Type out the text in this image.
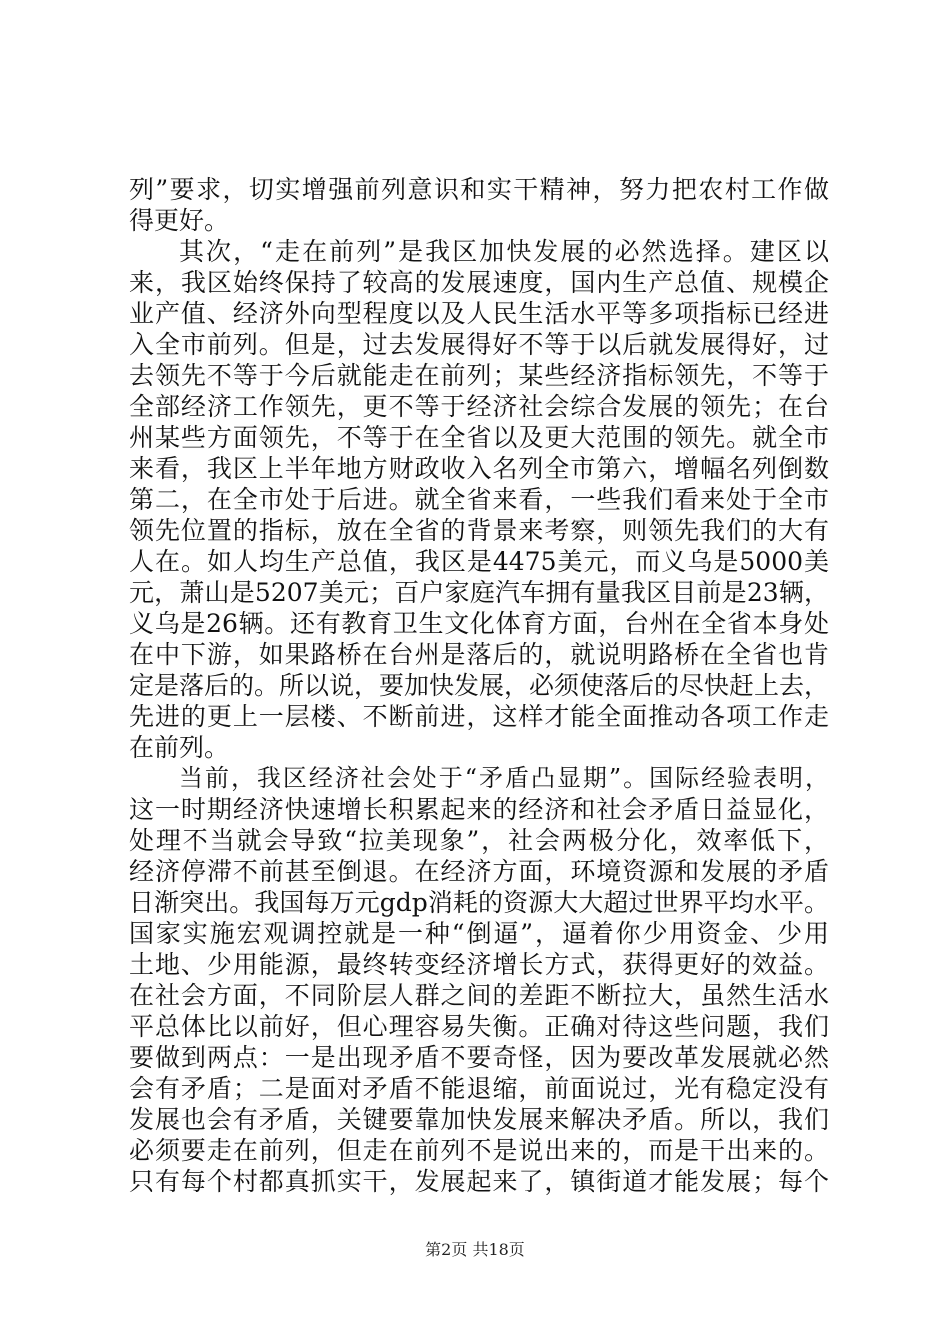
列”要求，切实增强前列意识和实干精神，努力把农村工作做
得更好。
其次，“走在前列”是我区加快发展的必然选择。建区以
来，我区始终保持了较高的发展速度，国内生产总值、规模企
业产值、经济外向型程度以及人民生活水平等多项指标已经进
入全市前列。但是，过去发展得好不等于以后就发展得好，过
去领先不等于今后就能走在前列；某些经济指标领先，不等于
全部经济工作领先，更不等于经济社会综合发展的领先；在台
州某些方面领先，不等于在全省以及更大范围的领先。就全市
来看，我区上半年地方财政收入名列全市第六，增幅名列倒数
第二，在全市处于后进。就全省来看，一些我们看来处于全市
领先位置的指标，放在全省的背景来考察，则领先我们的大有
人在。如人均生产总值，我区是4475美元，而义乌是5000美
元，萧山是5207美元；百户家庭汽车拥有量我区目前是23辆，
义乌是26辆。还有教育卫生文化体育方面，台州在全省本身处
在中下游，如果路桥在台州是落后的，就说明路桥在全省也肯
定是落后的。所以说，要加快发展，必须使落后的尽快赶上去，
先进的更上一层楼、不断前进，这样才能全面推动各项工作走
在前列。
当前，我区经济社会处于“矛盾凸显期”。国际经验表明，
这一时期经济快速增长积累起来的经济和社会矛盾日益显化，
处理不当就会导致“拉美现象”，社会两极分化，效率低下，
经济停滞不前甚至倒退。在经济方面，环境资源和发展的矛盾
日渐突出。我国每万元gdp消耗的资源大大超过世界平均水平。
国家实施宏观调控就是一种“倒逼”，逼着你少用资金、少用
土地、少用能源，最终转变经济增长方式，获得更好的效益。
在社会方面，不同阶层人群之间的差距不断拉大，虽然生活水
平总体比以前好，但心理容易失衡。正确对待这些问题，我们
要做到两点：一是出现矛盾不要奇怪，因为要改革发展就必然
会有矛盾；二是面对矛盾不能退缩，前面说过，光有稳定没有
发展也会有矛盾，关键要靠加快发展来解决矛盾。所以，我们
必须要走在前列，但走在前列不是说出来的，而是干出来的。
只有每个村都真抓实干，发展起来了，镇街道才能发展；每个
第2页 共18页
